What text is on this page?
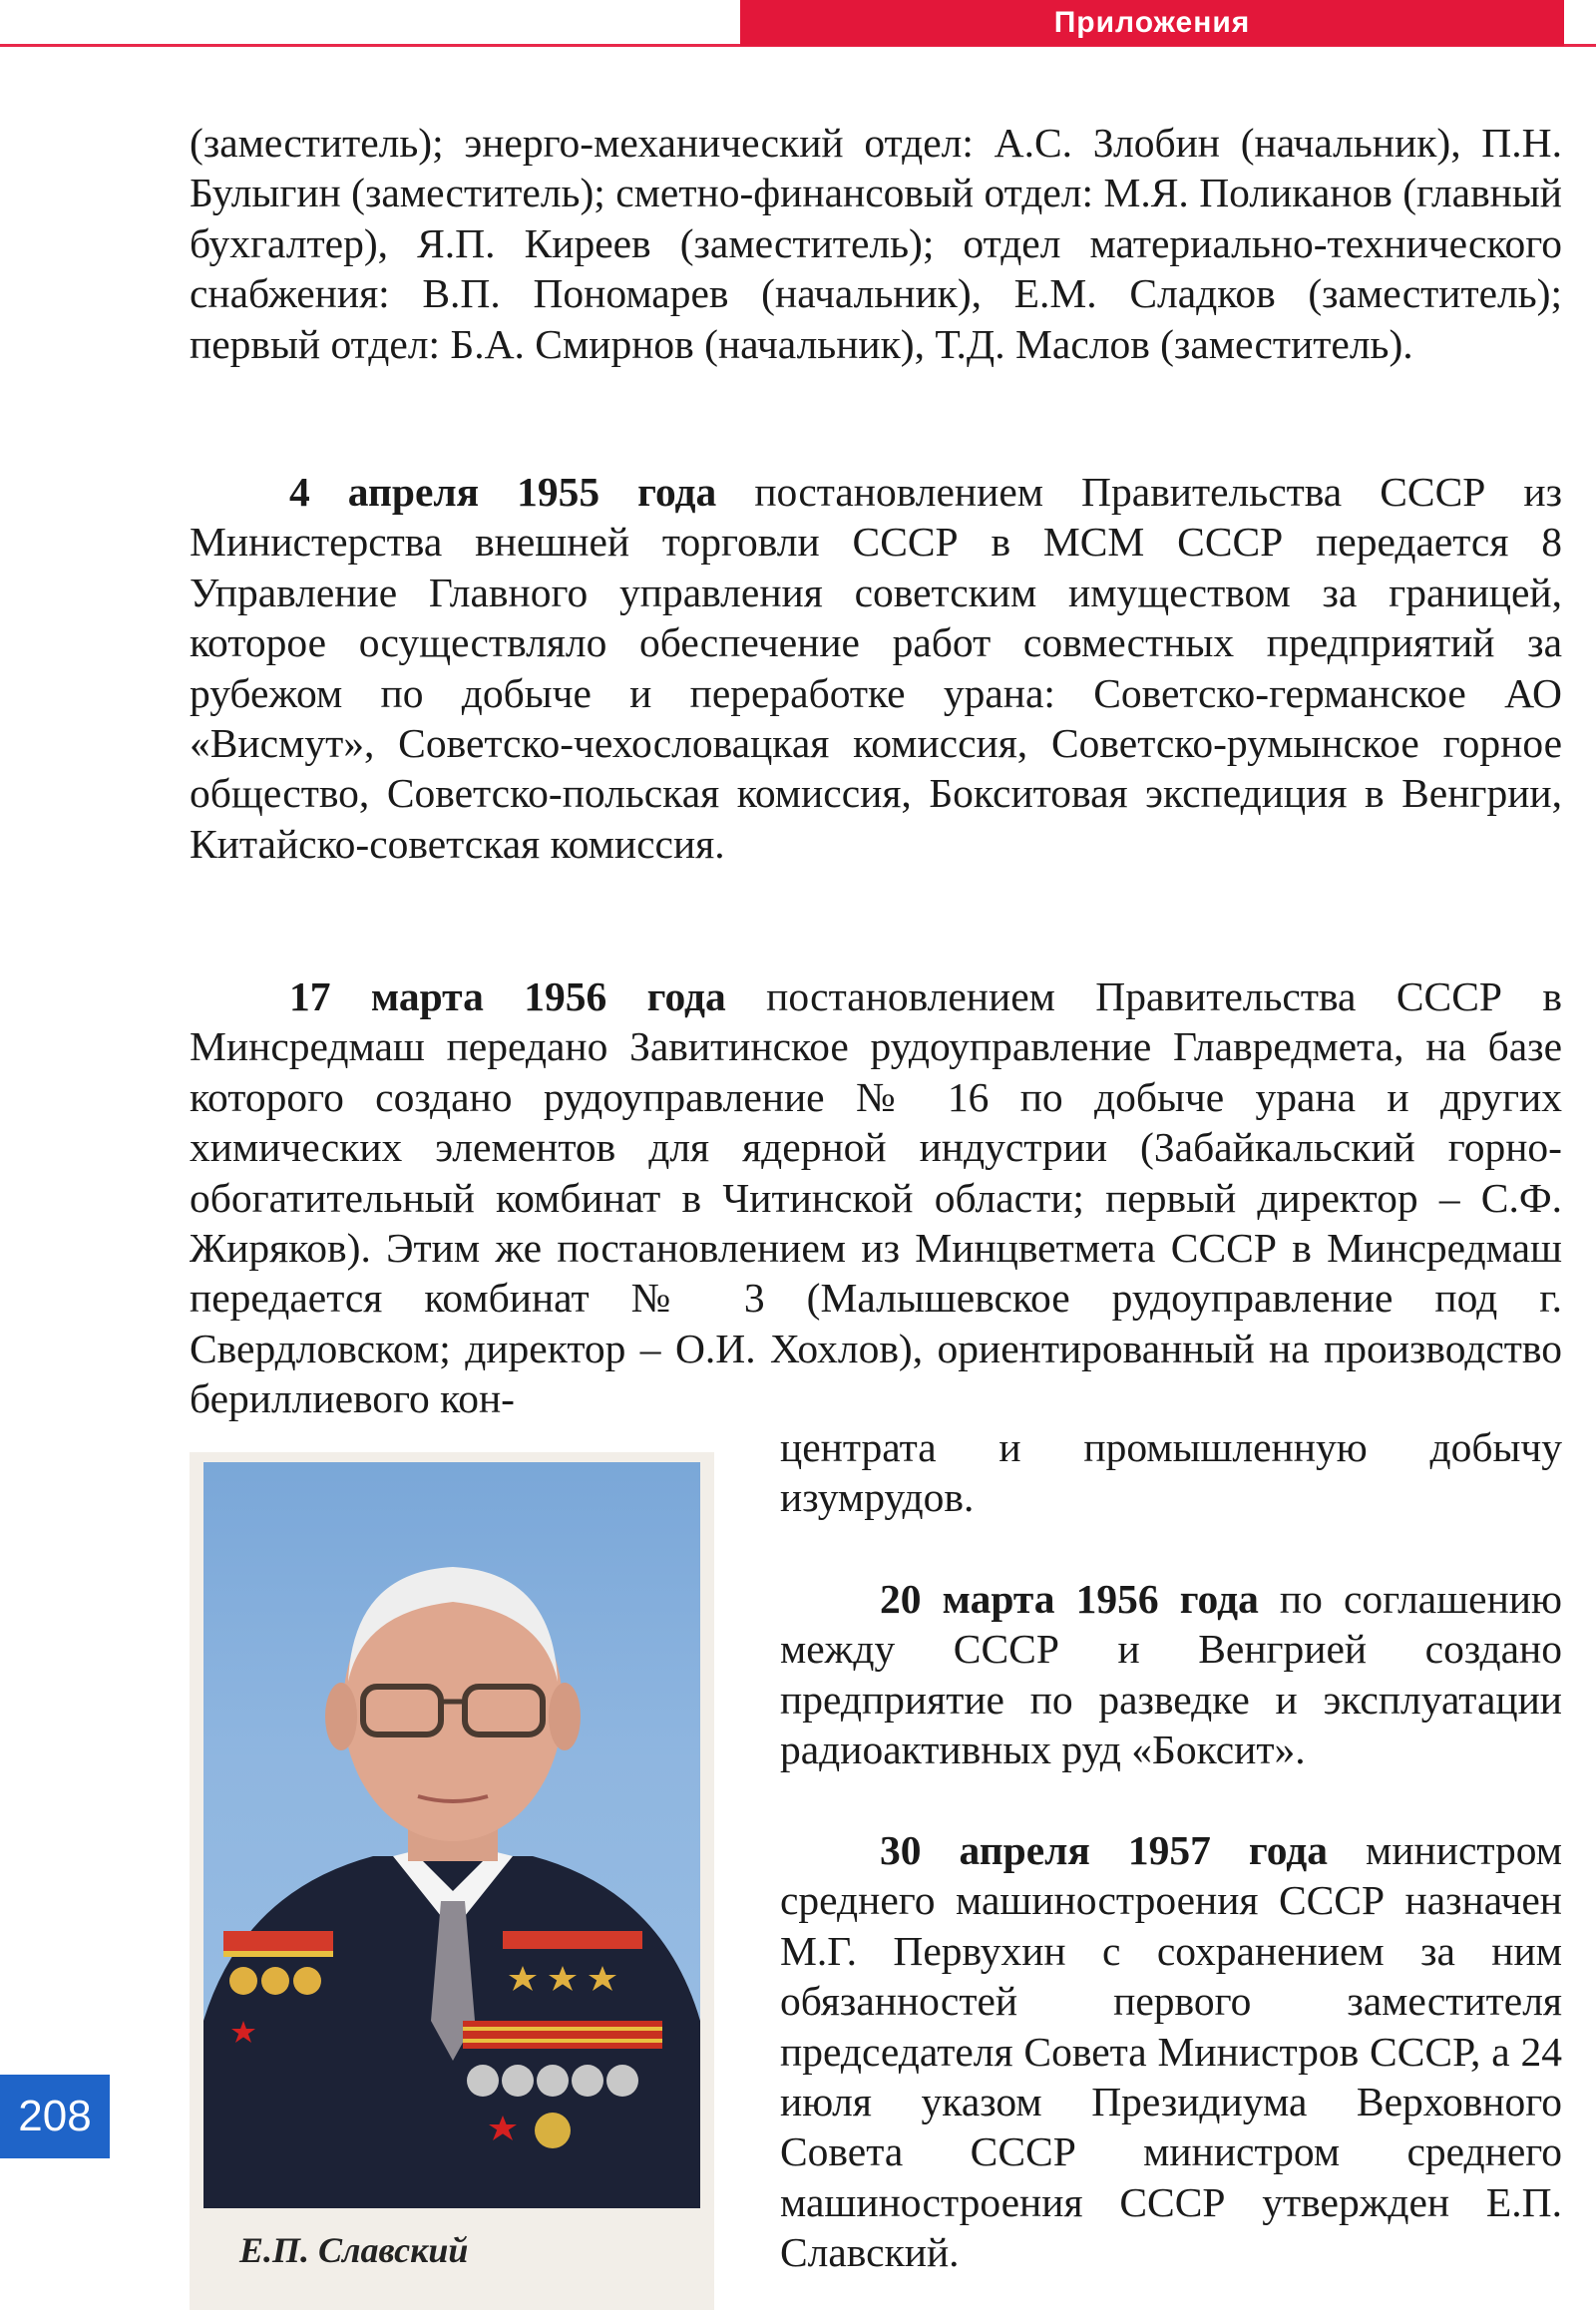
Приложения

(заместитель); энерго-механический отдел: А.С. Злобин (начальник), П.Н. Булыгин (заместитель); сметно-финансовый отдел: М.Я. Поликанов (главный бухгалтер), Я.П. Киреев (заместитель); отдел материально-технического снабжения: В.П. Пономарев (начальник), Е.М. Сладков (заместитель); первый отдел: Б.А. Смирнов (начальник), Т.Д. Маслов (заместитель).

4 апреля 1955 года постановлением Правительства СССР из Министерства внешней торговли СССР в МСМ СССР передается 8 Управление Главного управления советским имуществом за границей, которое осуществляло обеспечение работ совместных предприятий за рубежом по добыче и переработке урана: Советско-германское АО «Висмут», Советско-чехословацкая комиссия, Советско-румынское горное общество, Советско-польская комиссия, Бокситовая экспедиция в Венгрии, Китайско-советская комиссия.

17 марта 1956 года постановлением Правительства СССР в Минсредмаш передано Завитинское рудоуправление Главредмета, на базе которого создано рудоуправление № 16 по добыче урана и других химических элементов для ядерной индустрии (Забайкальский горно-обогатительный комбинат в Читинской области; первый директор – С.Ф. Жиряков). Этим же постановлением из Минцветмета СССР в Минсредмаш передается комбинат № 3 (Малышевское рудоуправление под г. Свердловском; директор – О.И. Хохлов), ориентированный на производство бериллиевого кон-

центрата и промышленную добычу изумрудов.

20 марта 1956 года по соглашению между СССР и Венгрией создано предприятие по разведке и эксплуатации радиоактивных руд «Боксит».

30 апреля 1957 года министром среднего машиностроения СССР назначен М.Г. Первухин с сохранением за ним обязанностей первого заместителя председателя Совета Министров СССР, а 24 июля указом Президиума Верховного Совета СССР министром среднего машиностроения СССР утвержден Е.П. Славский.

Е.П. Славский
208
